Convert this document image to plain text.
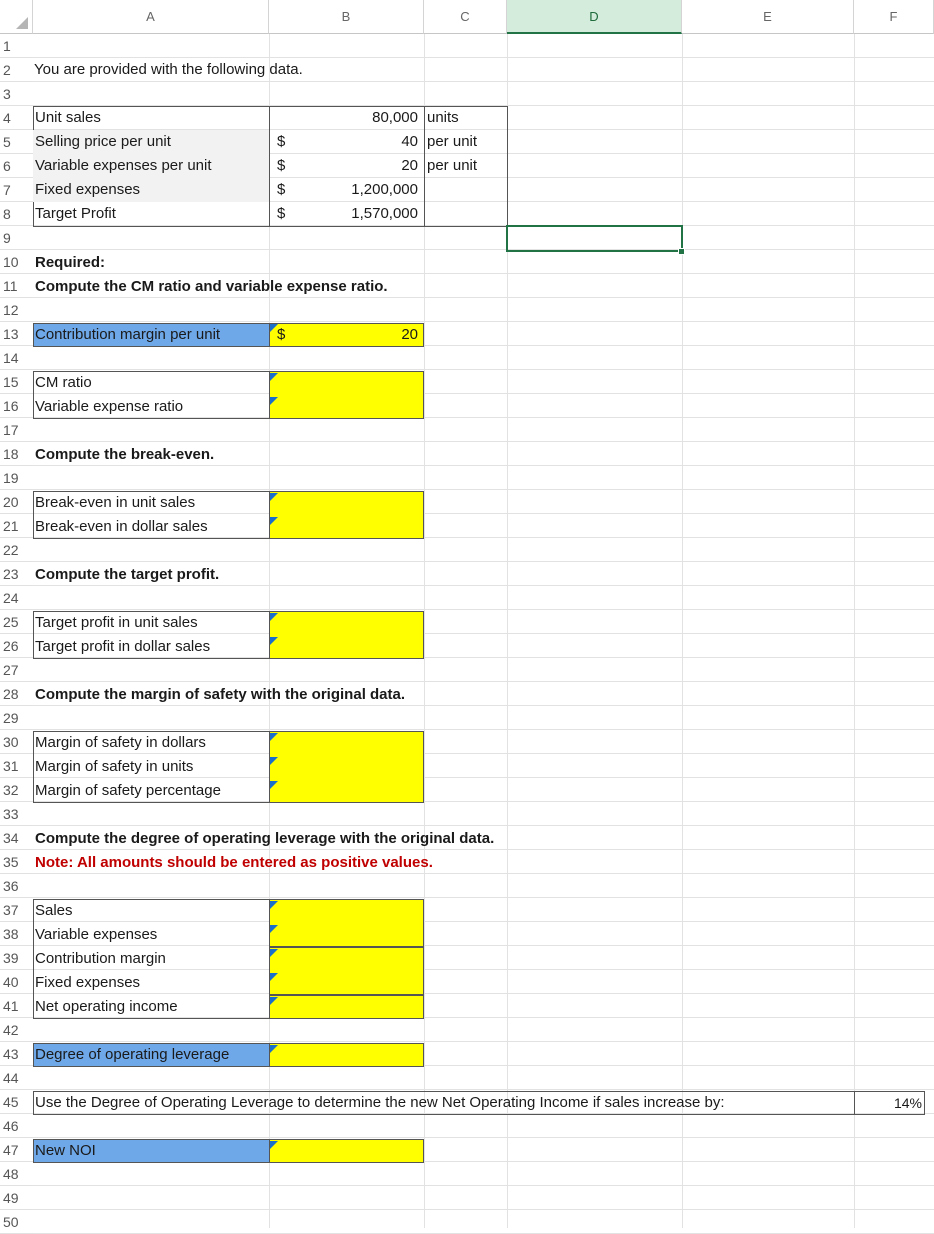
A	B	C	D	E	F
1
2
3
4
5
6
7
8
9
10
11
12
13
14
15
16
17
18
19
20
21
22
23
24
25
26
27
28
29
30
31
32
33
34
35
36
37
38
39
40
41
42
43
44
45
46
47
48
49
50
You are provided with the following data.
Unit sales	80,000 units
Selling price per unit	$	40 per unit
Variable expenses per unit	$	20 per unit
Fixed expenses	$	1,200,000
Target Profit	$	1,570,000
Required:
Compute the CM ratio and variable expense ratio.
Contribution margin per unit	$	20
CM ratio
Variable expense ratio
Compute the break-even.
Break-even in unit sales
Break-even in dollar sales
Compute the target profit.
Target profit in unit sales
Target profit in dollar sales
Compute the margin of safety with the original data.
Margin of safety in dollars
Margin of safety in units
Margin of safety percentage
Compute the degree of operating leverage with the original data.
Note: All amounts should be entered as positive values.
Sales
Variable expenses
Contribution margin
Fixed expenses
Net operating income
Degree of operating leverage
Use the Degree of Operating Leverage to determine the new Net Operating Income if sales increase by:	14%
New NOI
